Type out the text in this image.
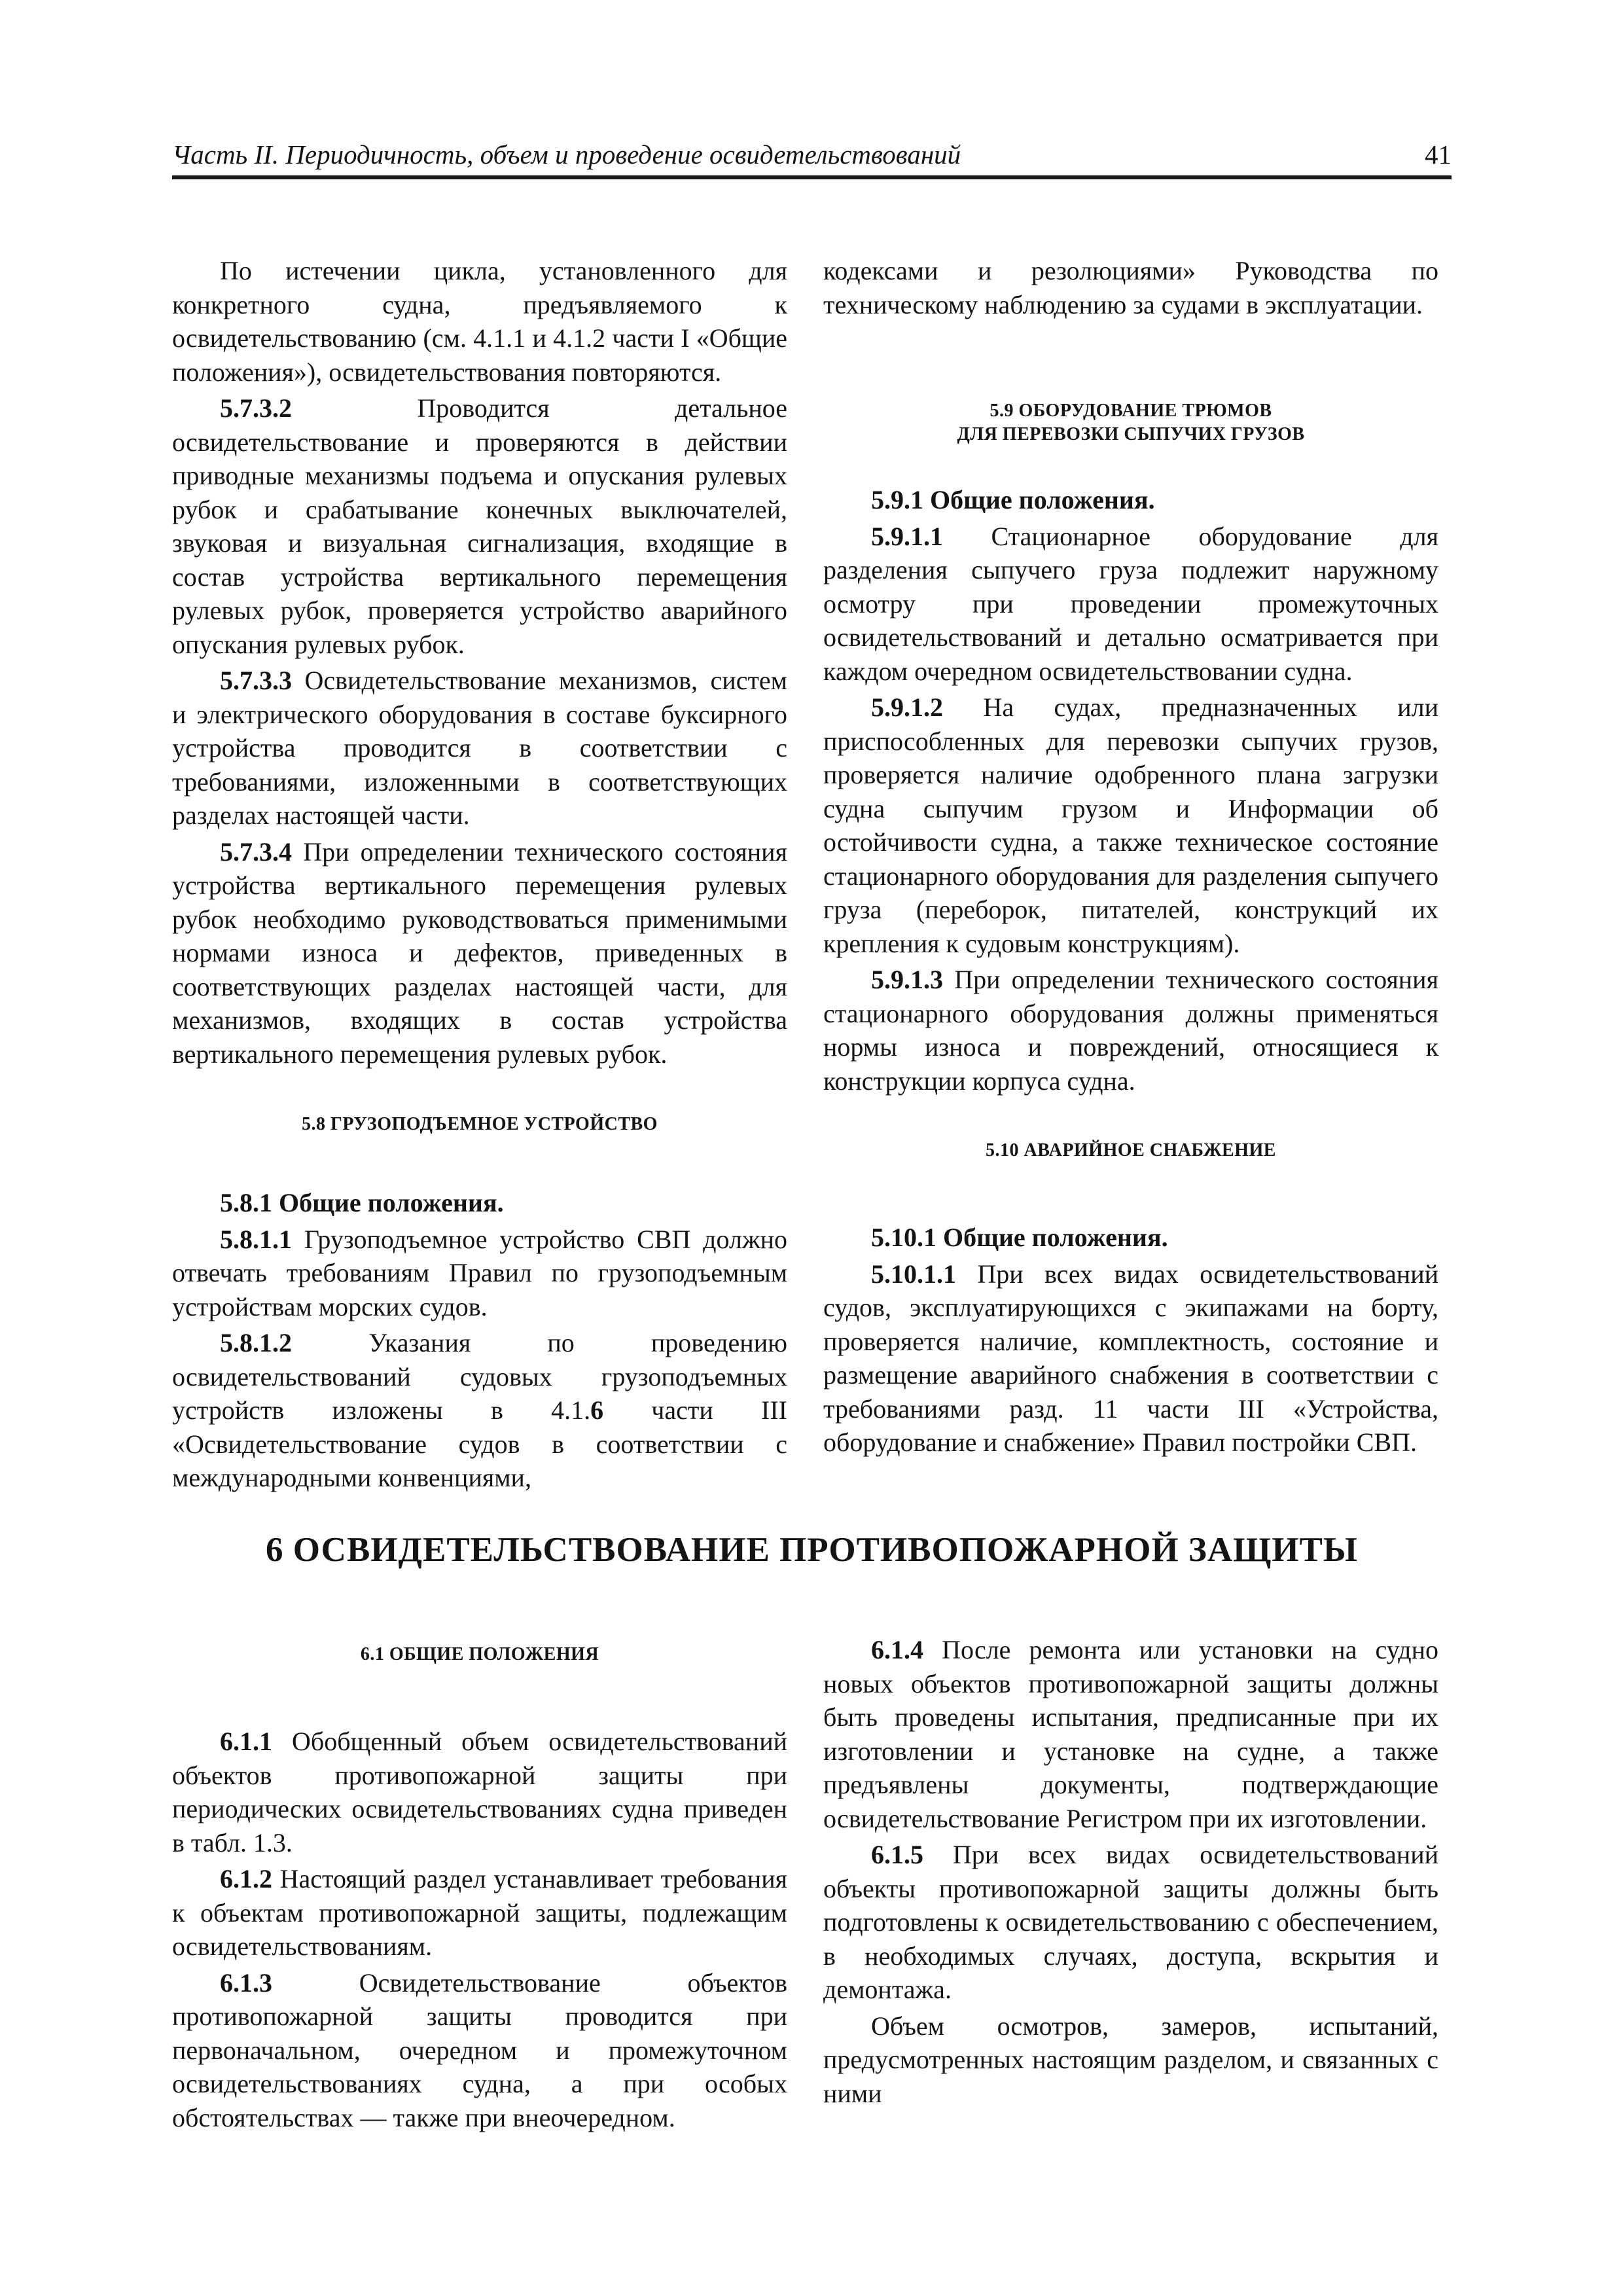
Часть II. Периодичность, объем и проведение освидетельствований	41

По истечении цикла, установленного для конкретного судна, предъявляемого к освидетельствованию (см. 4.1.1 и 4.1.2 части I «Общие положения»), освидетельствования повторяются.

5.7.3.2 Проводится детальное освидетельствование и проверяются в действии приводные механизмы подъема и опускания рулевых рубок и срабатывание конечных выключателей, звуковая и визуальная сигнализация, входящие в состав устройства вертикального перемещения рулевых рубок, проверяется устройство аварийного опускания рулевых рубок.

5.7.3.3 Освидетельствование механизмов, систем и электрического оборудования в составе буксирного устройства проводится в соответствии с требованиями, изложенными в соответствующих разделах настоящей части.

5.7.3.4 При определении технического состояния устройства вертикального перемещения рулевых рубок необходимо руководствоваться применимыми нормами износа и дефектов, приведенных в соответствующих разделах настоящей части, для механизмов, входящих в состав устройства вертикального перемещения рулевых рубок.

5.8 ГРУЗОПОДЪЕМНОЕ УСТРОЙСТВО

5.8.1 Общие положения.

5.8.1.1 Грузоподъемное устройство СВП должно отвечать требованиям Правил по грузоподъемным устройствам морских судов.

5.8.1.2 Указания по проведению освидетельствований судовых грузоподъемных устройств изложены в 4.1.6 части III «Освидетельствование судов в соответствии с международными конвенциями,

кодексами и резолюциями» Руководства по техническому наблюдению за судами в эксплуатации.

5.9 ОБОРУДОВАНИЕ ТРЮМОВ
ДЛЯ ПЕРЕВОЗКИ СЫПУЧИХ ГРУЗОВ

5.9.1 Общие положения.

5.9.1.1 Стационарное оборудование для разделения сыпучего груза подлежит наружному осмотру при проведении промежуточных освидетельствований и детально осматривается при каждом очередном освидетельствовании судна.

5.9.1.2 На судах, предназначенных или приспособленных для перевозки сыпучих грузов, проверяется наличие одобренного плана загрузки судна сыпучим грузом и Информации об остойчивости судна, а также техническое состояние стационарного оборудования для разделения сыпучего груза (переборок, питателей, конструкций их крепления к судовым конструкциям).

5.9.1.3 При определении технического состояния стационарного оборудования должны применяться нормы износа и повреждений, относящиеся к конструкции корпуса судна.

5.10 АВАРИЙНОЕ СНАБЖЕНИЕ

5.10.1 Общие положения.

5.10.1.1 При всех видах освидетельствований судов, эксплуатирующихся с экипажами на борту, проверяется наличие, комплектность, состояние и размещение аварийного снабжения в соответствии с требованиями разд. 11 части III «Устройства, оборудование и снабжение» Правил постройки СВП.

6 ОСВИДЕТЕЛЬСТВОВАНИЕ ПРОТИВОПОЖАРНОЙ ЗАЩИТЫ
6.1 ОБЩИЕ ПОЛОЖЕНИЯ

6.1.1 Обобщенный объем освидетельствований объектов противопожарной защиты при периодических освидетельствованиях судна приведен в табл. 1.3.

6.1.2 Настоящий раздел устанавливает требования к объектам противопожарной защиты, подлежащим освидетельствованиям.

6.1.3 Освидетельствование объектов противопожарной защиты проводится при первоначальном, очередном и промежуточном освидетельствованиях судна, а при особых обстоятельствах — также при внеочередном.

6.1.4 После ремонта или установки на судно новых объектов противопожарной защиты должны быть проведены испытания, предписанные при их изготовлении и установке на судне, а также предъявлены документы, подтверждающие освидетельствование Регистром при их изготовлении.

6.1.5 При всех видах освидетельствований объекты противопожарной защиты должны быть подготовлены к освидетельствованию с обеспечением, в необходимых случаях, доступа, вскрытия и демонтажа.

Объем осмотров, замеров, испытаний, предусмотренных настоящим разделом, и связанных с ними
